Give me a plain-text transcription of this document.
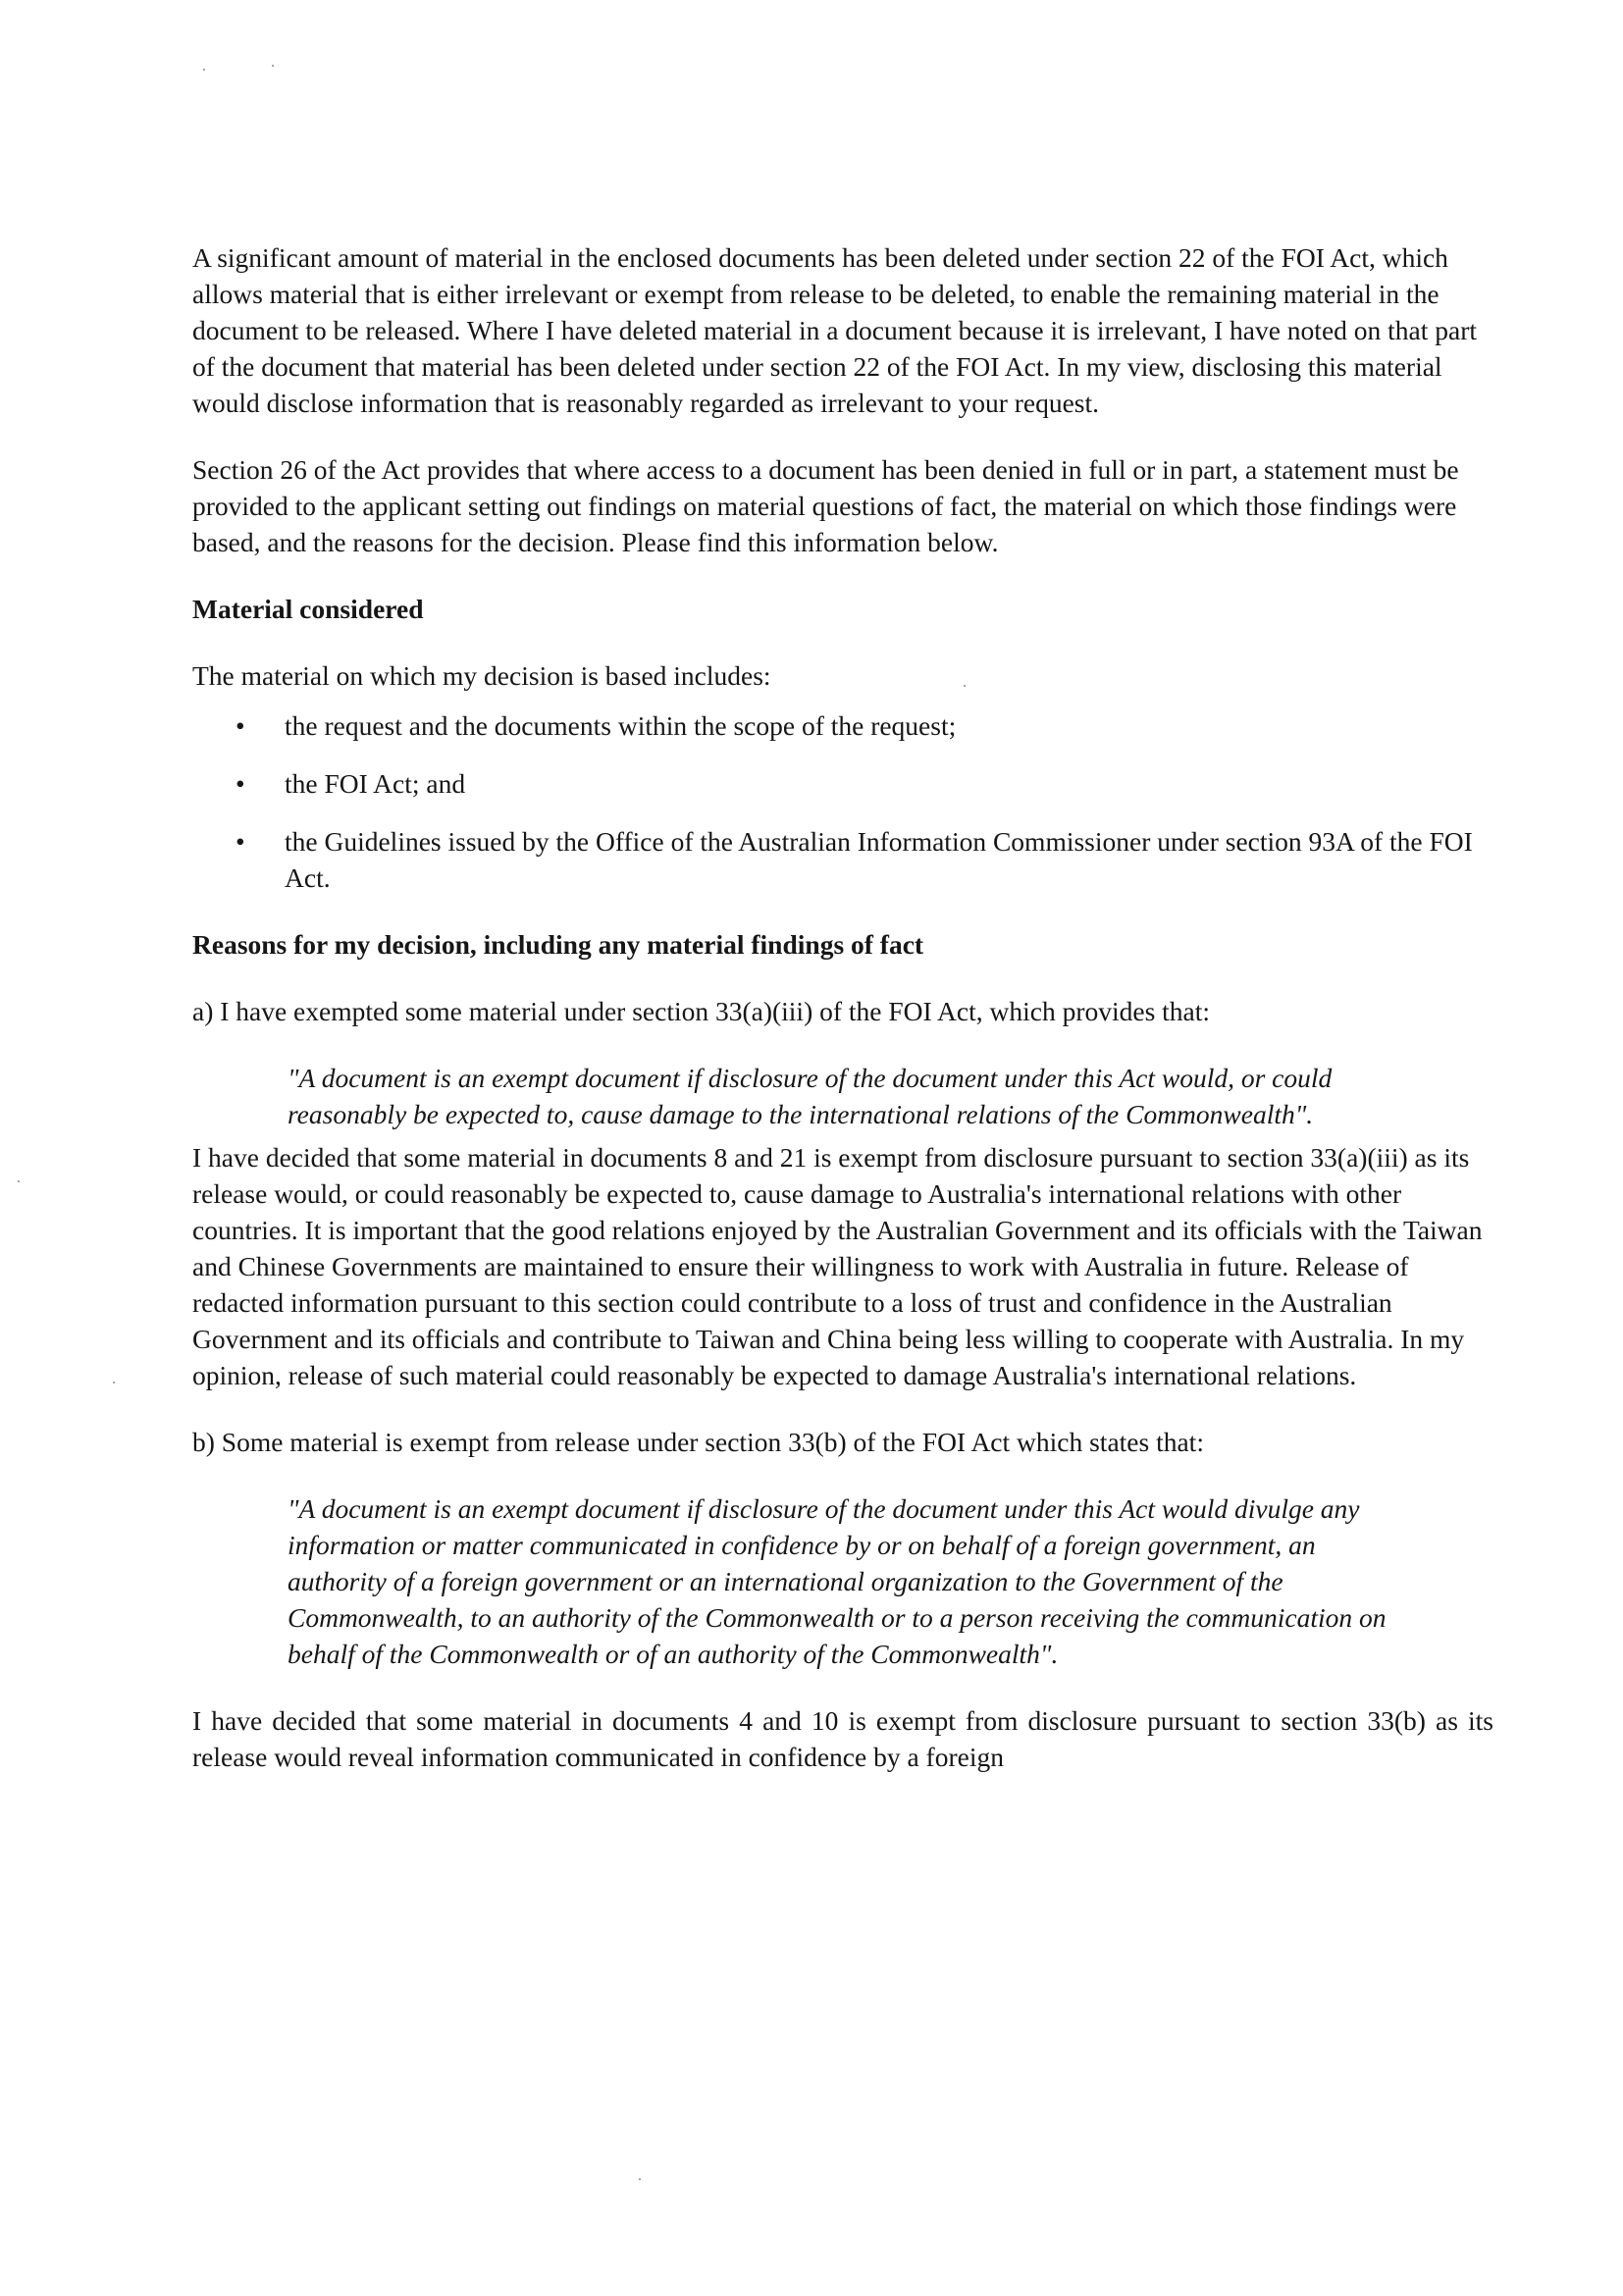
A significant amount of material in the enclosed documents has been deleted under section 22 of the FOI Act, which allows material that is either irrelevant or exempt from release to be deleted, to enable the remaining material in the document to be released. Where I have deleted material in a document because it is irrelevant, I have noted on that part of the document that material has been deleted under section 22 of the FOI Act. In my view, disclosing this material would disclose information that is reasonably regarded as irrelevant to your request.

Section 26 of the Act provides that where access to a document has been denied in full or in part, a statement must be provided to the applicant setting out findings on material questions of fact, the material on which those findings were based, and the reasons for the decision. Please find this information below.

Material considered

The material on which my decision is based includes:

• the request and the documents within the scope of the request;
• the FOI Act; and
• the Guidelines issued by the Office of the Australian Information Commissioner under section 93A of the FOI Act.
Reasons for my decision, including any material findings of fact

a) I have exempted some material under section 33(a)(iii) of the FOI Act, which provides that:

"A document is an exempt document if disclosure of the document under this Act would, or could reasonably be expected to, cause damage to the international relations of the Commonwealth".

I have decided that some material in documents 8 and 21 is exempt from disclosure pursuant to section 33(a)(iii) as its release would, or could reasonably be expected to, cause damage to Australia's international relations with other countries. It is important that the good relations enjoyed by the Australian Government and its officials with the Taiwan and Chinese Governments are maintained to ensure their willingness to work with Australia in future. Release of redacted information pursuant to this section could contribute to a loss of trust and confidence in the Australian Government and its officials and contribute to Taiwan and China being less willing to cooperate with Australia. In my opinion, release of such material could reasonably be expected to damage Australia's international relations.

b) Some material is exempt from release under section 33(b) of the FOI Act which states that:

"A document is an exempt document if disclosure of the document under this Act would divulge any information or matter communicated in confidence by or on behalf of a foreign government, an authority of a foreign government or an international organization to the Government of the Commonwealth, to an authority of the Commonwealth or to a person receiving the communication on behalf of the Commonwealth or of an authority of the Commonwealth".

I have decided that some material in documents 4 and 10 is exempt from disclosure pursuant to section 33(b) as its release would reveal information communicated in confidence by a foreign
